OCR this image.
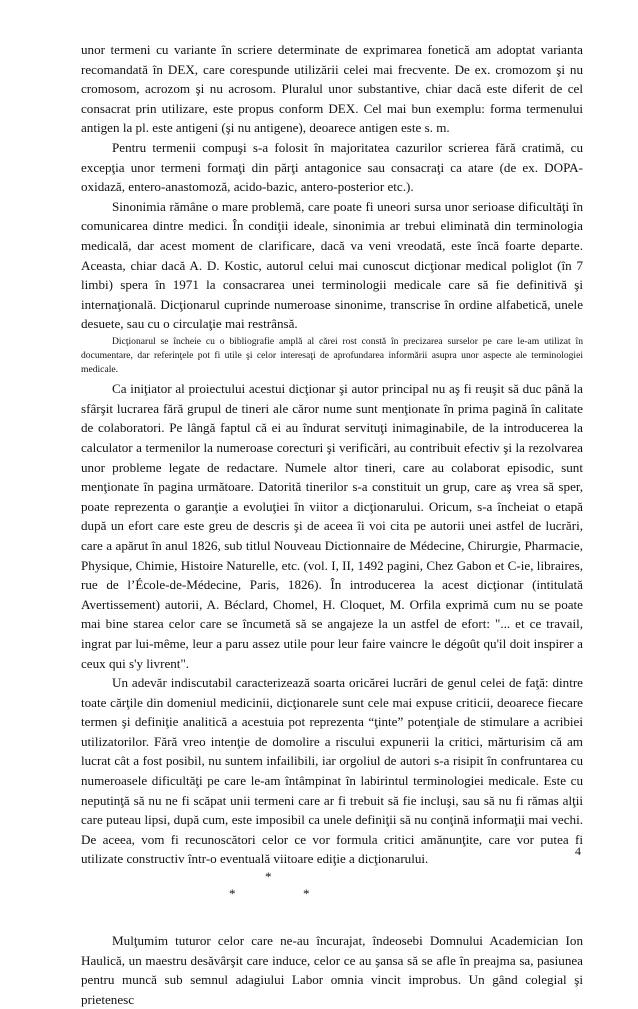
unor termeni cu variante în scriere determinate de exprimarea fonetică am adoptat varianta recomandată în DEX, care corespunde utilizării celei mai frecvente. De ex. cromozom şi nu cromosom, acrozom şi nu acrosom. Pluralul unor substantive, chiar dacă este diferit de cel consacrat prin utilizare, este propus conform DEX. Cel mai bun exemplu: forma termenului antigen la pl. este antigeni (şi nu antigene), deoarece antigen este s. m.

Pentru termenii compuşi s-a folosit în majoritatea cazurilor scrierea fără cratimă, cu excepţia unor termeni formaţi din părţi antagonice sau consacraţi ca atare (de ex. DOPA-oxidază, entero-anastomoză, acido-bazic, antero-posterior etc.).

Sinonimia rămâne o mare problemă, care poate fi uneori sursa unor serioase dificultăţi în comunicarea dintre medici. În condiţii ideale, sinonimia ar trebui eliminată din terminologia medicală, dar acest moment de clarificare, dacă va veni vreodată, este încă foarte departe. Aceasta, chiar dacă A. D. Kostic, autorul celui mai cunoscut dicţionar medical poliglot (în 7 limbi) spera în 1971 la consacrarea unei terminologii medicale care să fie definitivă şi internaţională. Dicţionarul cuprinde numeroase sinonime, transcrise în ordine alfabetică, unele desuete, sau cu o circulaţie mai restrânsă.

Dicţionarul se încheie cu o bibliografie amplă al cărei rost constă în precizarea surselor pe care le-am utilizat în documentare, dar referinţele pot fi utile şi celor interesaţi de aprofundarea informării asupra unor aspecte ale terminologiei medicale.

Ca iniţiator al proiectului acestui dicţionar şi autor principal nu aş fi reuşit să duc până la sfârşit lucrarea fără grupul de tineri ale căror nume sunt menţionate în prima pagină în calitate de colaboratori. Pe lângă faptul că ei au îndurat servituţi inimaginabile, de la introducerea la calculator a termenilor la numeroase corecturi şi verificări, au contribuit efectiv şi la rezolvarea unor probleme legate de redactare. Numele altor tineri, care au colaborat episodic, sunt menţionate în pagina următoare. Datorită tinerilor s-a constituit un grup, care aş vrea să sper, poate reprezenta o garanţie a evoluţiei în viitor a dicţionarului. Oricum, s-a încheiat o etapă după un efort care este greu de descris şi de aceea îi voi cita pe autorii unei astfel de lucrări, care a apărut în anul 1826, sub titlul Nouveau Dictionnaire de Médecine, Chirurgie, Pharmacie, Physique, Chimie, Histoire Naturelle, etc. (vol. I, II, 1492 pagini, Chez Gabon et C-ie, libraires, rue de l’École-de-Médecine, Paris, 1826). În introducerea la acest dicţionar (intitulată Avertissement) autorii, A. Béclard, Chomel, H. Cloquet, M. Orfila exprimă cum nu se poate mai bine starea celor care se încumetă să se angajeze la un astfel de efort: "... et ce travail, ingrat par lui-même, leur a paru assez utile pour leur faire vaincre le dégoût qu'il doit inspirer a ceux qui s'y livrent".

Un adevăr indiscutabil caracterizează soarta oricărei lucrări de genul celei de faţă: dintre toate cărţile din domeniul medicinii, dicţionarele sunt cele mai expuse criticii, deoarece fiecare termen şi definiţie analitică a acestuia pot reprezenta “ţinte” potenţiale de stimulare a acribiei utilizatorilor. Fără vreo intenţie de domolire a riscului expunerii la critici, mărturisim că am lucrat cât a fost posibil, nu suntem infailibili, iar orgoliul de autori s-a risipit în confruntarea cu numeroasele dificultăţi pe care le-am întâmpinat în labirintul terminologiei medicale. Este cu neputinţă să nu ne fi scăpat unii termeni care ar fi trebuit să fie incluşi, sau să nu fi rămas alţii care puteau lipsi, după cum, este imposibil ca unele definiţii să nu conţină informaţii mai vechi. De aceea, vom fi recunoscători celor ce vor formula critici amănunţite, care vor putea fi utilizate constructiv într-o eventuală viitoare ediţie a dicţionarului.

*
*	*

Mulţumim tuturor celor care ne-au încurajat, îndeosebi Domnului Academician Ion Haulică, un maestru desăvârşit care induce, celor ce au şansa să se afle în preajma sa, pasiunea pentru muncă sub semnul adagiului Labor omnia vincit improbus. Un gând colegial şi prietenesc

4
